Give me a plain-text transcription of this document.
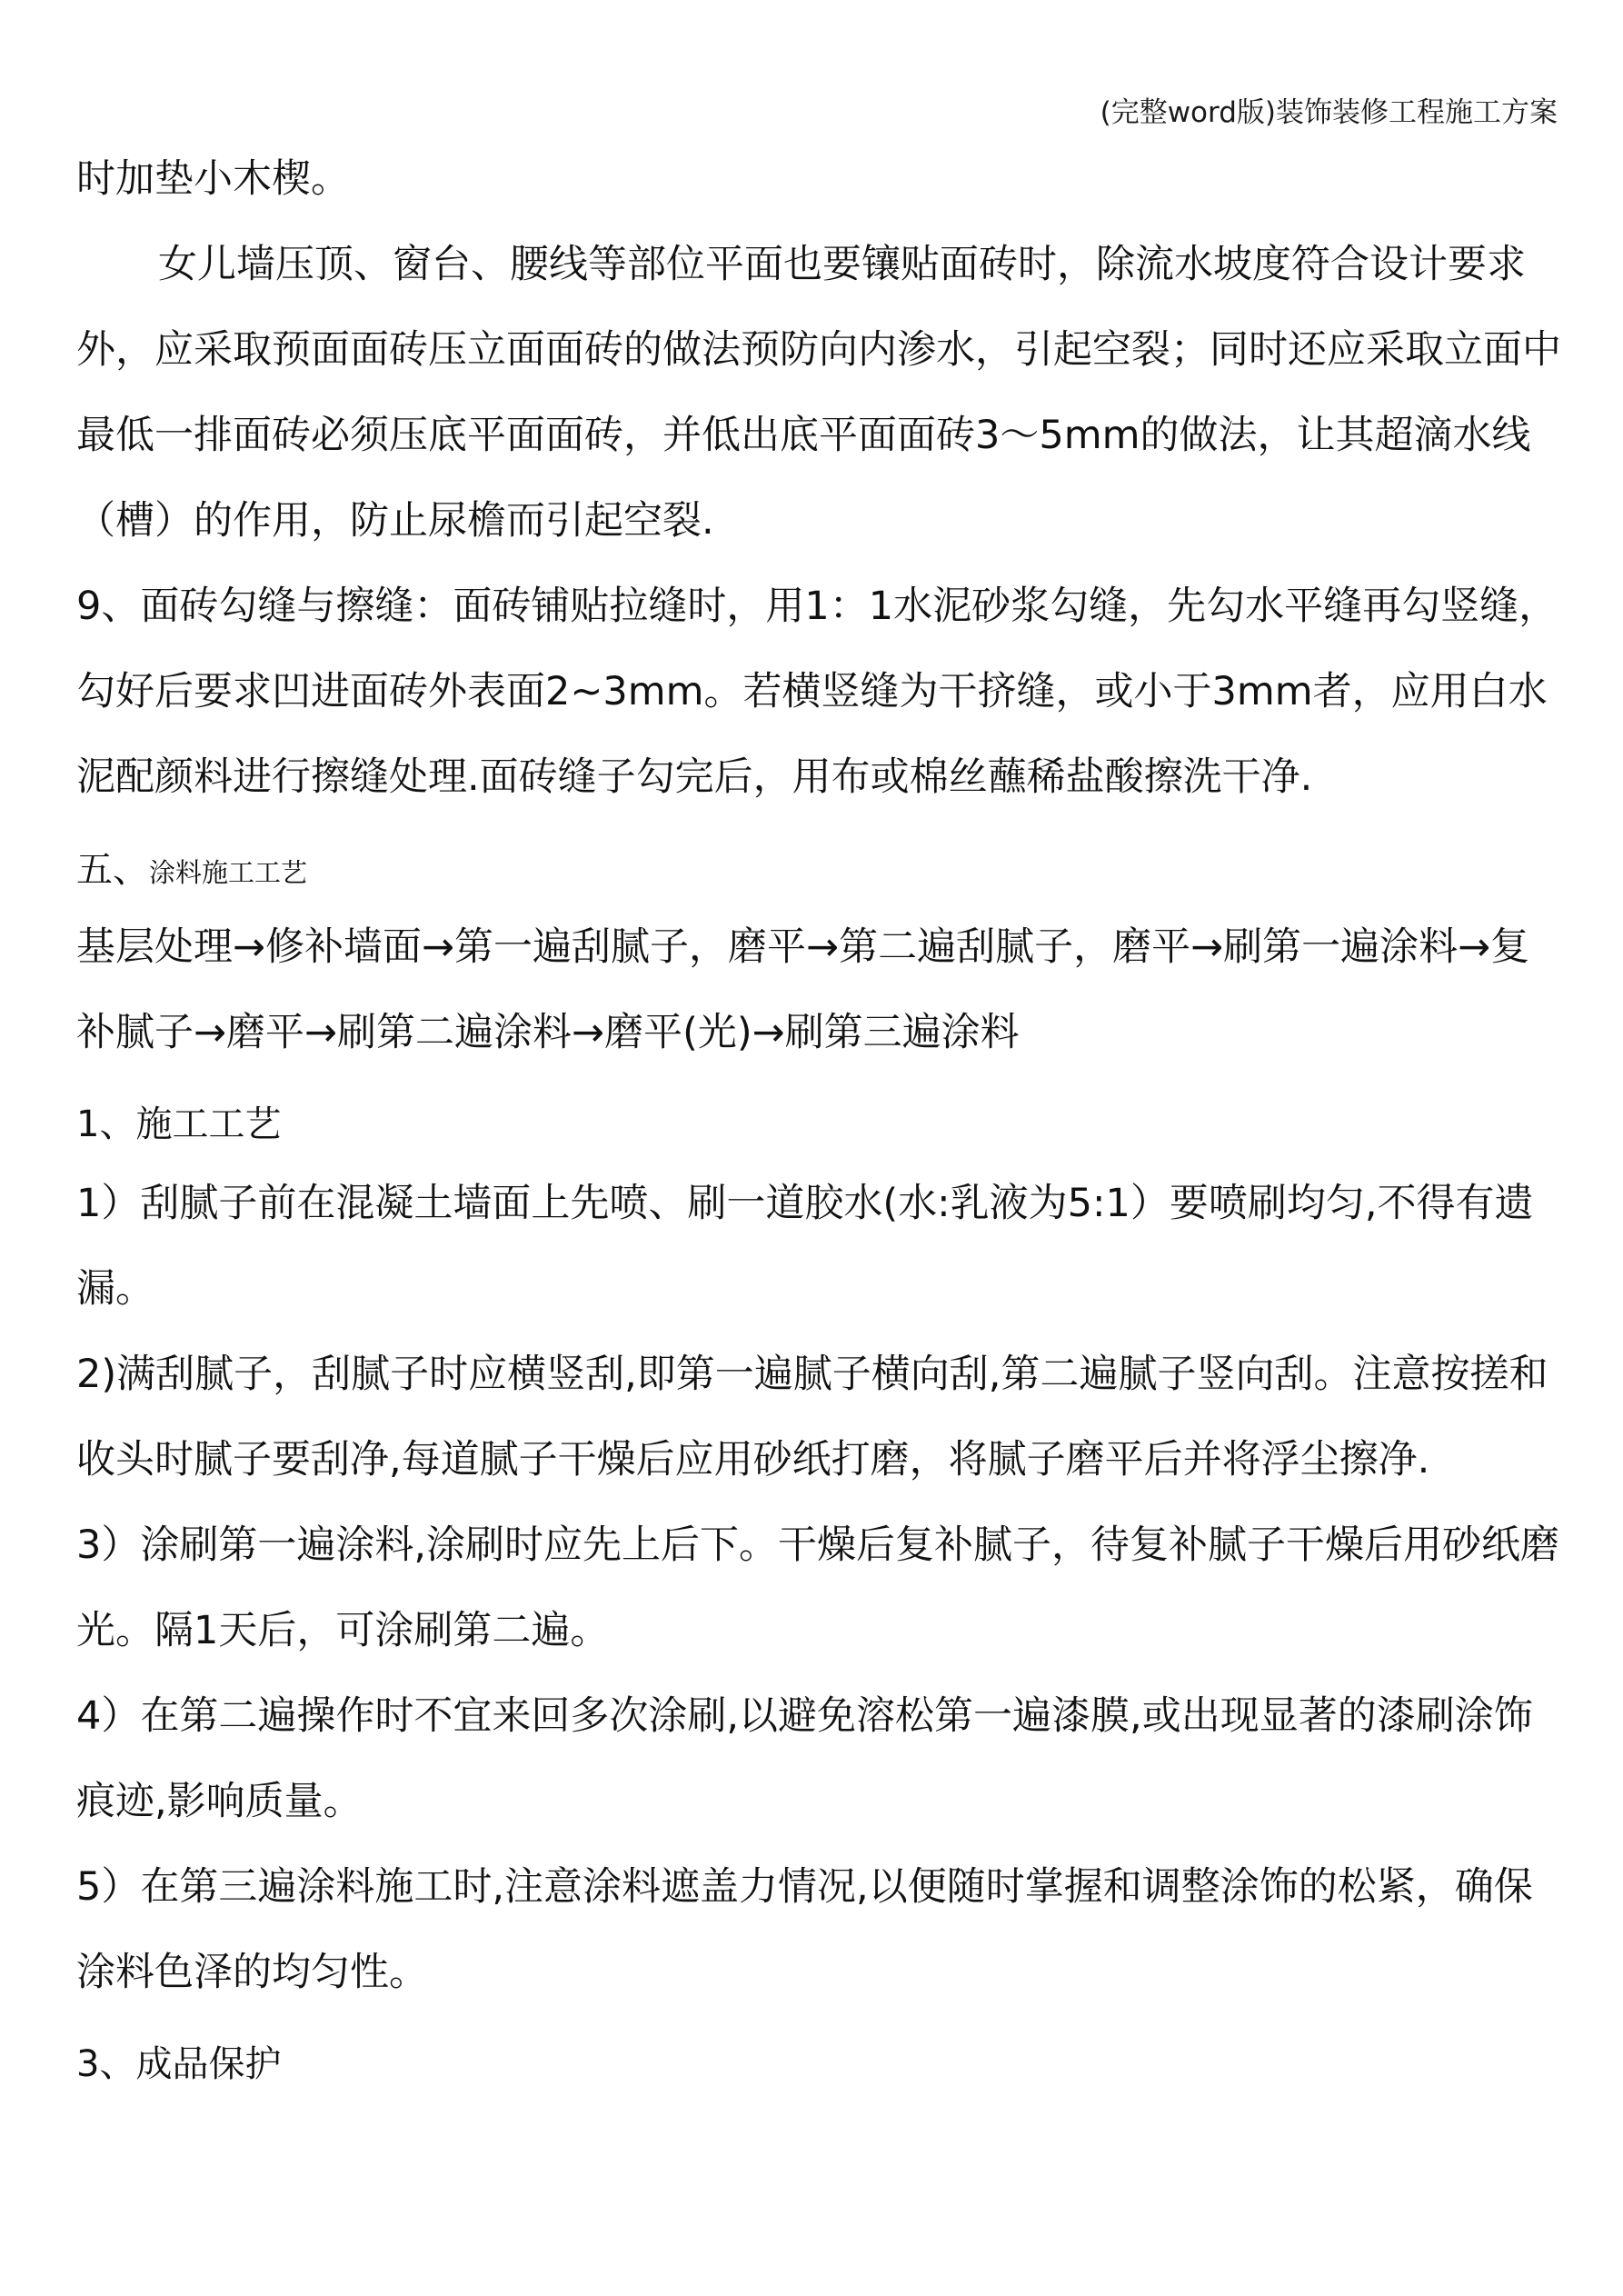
(完整word版)装饰装修工程施工方案

时加垫小木楔。

女儿墙压顶、窗台、腰线等部位平面也要镶贴面砖时，除流水坡度符合设计要求外，应采取预面面砖压立面面砖的做法预防向内渗水，引起空裂；同时还应采取立面中最低一排面砖必须压底平面面砖，并低出底平面面砖3～5mm的做法，让其超滴水线（槽）的作用，防止尿檐而引起空裂.

9、面砖勾缝与擦缝：面砖铺贴拉缝时，用1：1水泥砂浆勾缝，先勾水平缝再勾竖缝，勾好后要求凹进面砖外表面2~3mm。若横竖缝为干挤缝，或小于3mm者，应用白水泥配颜料进行擦缝处理.面砖缝子勾完后，用布或棉丝蘸稀盐酸擦洗干净.

五、涂料施工工艺

基层处理→修补墙面→第一遍刮腻子，磨平→第二遍刮腻子，磨平→刷第一遍涂料→复补腻子→磨平→刷第二遍涂料→磨平(光)→刷第三遍涂料

1、施工工艺

1）刮腻子前在混凝土墙面上先喷、刷一道胶水(水:乳液为5:1）要喷刷均匀,不得有遗漏。

2)满刮腻子，刮腻子时应横竖刮,即第一遍腻子横向刮,第二遍腻子竖向刮。注意按搓和收头时腻子要刮净,每道腻子干燥后应用砂纸打磨，将腻子磨平后并将浮尘擦净.

3）涂刷第一遍涂料,涂刷时应先上后下。干燥后复补腻子，待复补腻子干燥后用砂纸磨光。隔1天后，可涂刷第二遍。

4）在第二遍操作时不宜来回多次涂刷,以避免溶松第一遍漆膜,或出现显著的漆刷涂饰痕迹,影响质量。

5）在第三遍涂料施工时,注意涂料遮盖力情况,以便随时掌握和调整涂饰的松紧，确保涂料色泽的均匀性。

3、成品保护
